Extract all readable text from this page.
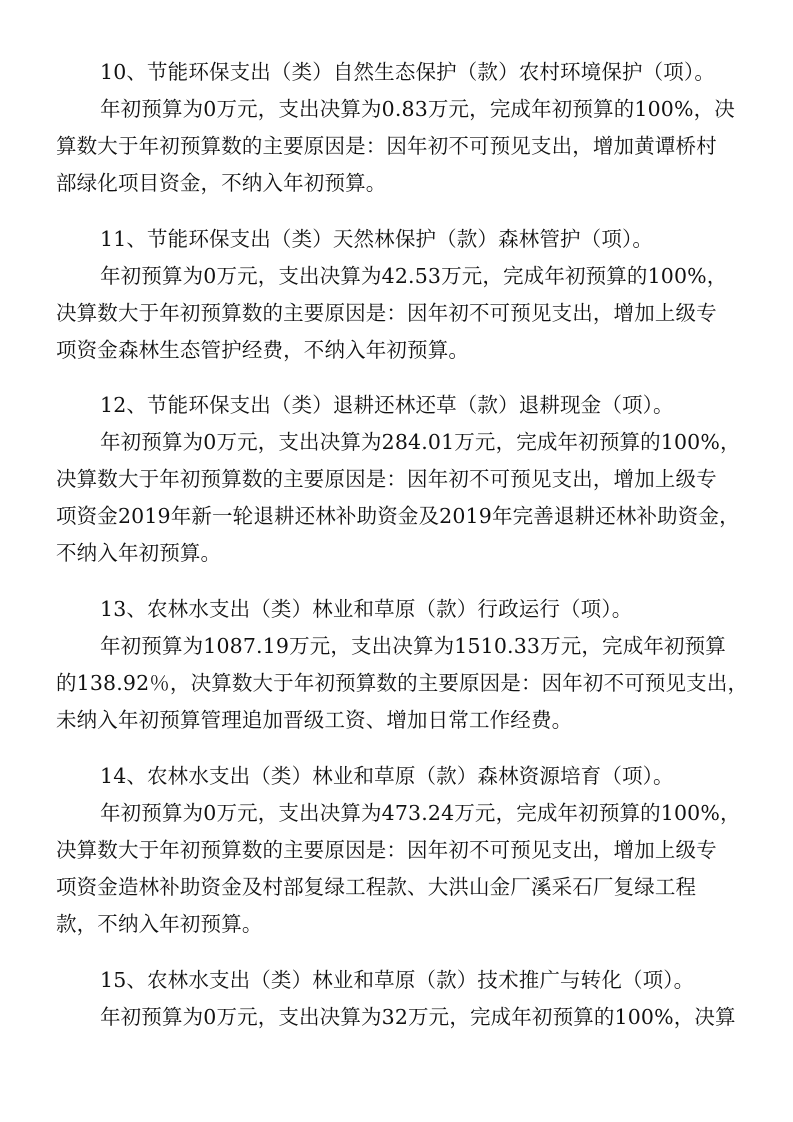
10、节能环保支出（类）自然生态保护（款）农村环境保护（项）。
年初预算为0万元，支出决算为0.83万元，完成年初预算的100%，决
算数大于年初预算数的主要原因是：因年初不可预见支出，增加黄谭桥村
部绿化项目资金，不纳入年初预算。
11、节能环保支出（类）天然林保护（款）森林管护（项）。
年初预算为0万元，支出决算为42.53万元，完成年初预算的100%，
决算数大于年初预算数的主要原因是：因年初不可预见支出，增加上级专
项资金森林生态管护经费，不纳入年初预算。
12、节能环保支出（类）退耕还林还草（款）退耕现金（项）。
年初预算为0万元，支出决算为284.01万元，完成年初预算的100%，
决算数大于年初预算数的主要原因是：因年初不可预见支出，增加上级专
项资金2019年新一轮退耕还林补助资金及2019年完善退耕还林补助资金，
不纳入年初预算。
13、农林水支出（类）林业和草原（款）行政运行（项）。
年初预算为1087.19万元，支出决算为1510.33万元，完成年初预算
的138.92％，决算数大于年初预算数的主要原因是：因年初不可预见支出，
未纳入年初预算管理追加晋级工资、增加日常工作经费。
14、农林水支出（类）林业和草原（款）森林资源培育（项）。
年初预算为0万元，支出决算为473.24万元，完成年初预算的100%，
决算数大于年初预算数的主要原因是：因年初不可预见支出，增加上级专
项资金造林补助资金及村部复绿工程款、大洪山金厂溪采石厂复绿工程
款，不纳入年初预算。
15、农林水支出（类）林业和草原（款）技术推广与转化（项）。
年初预算为0万元，支出决算为32万元，完成年初预算的100%，决算
